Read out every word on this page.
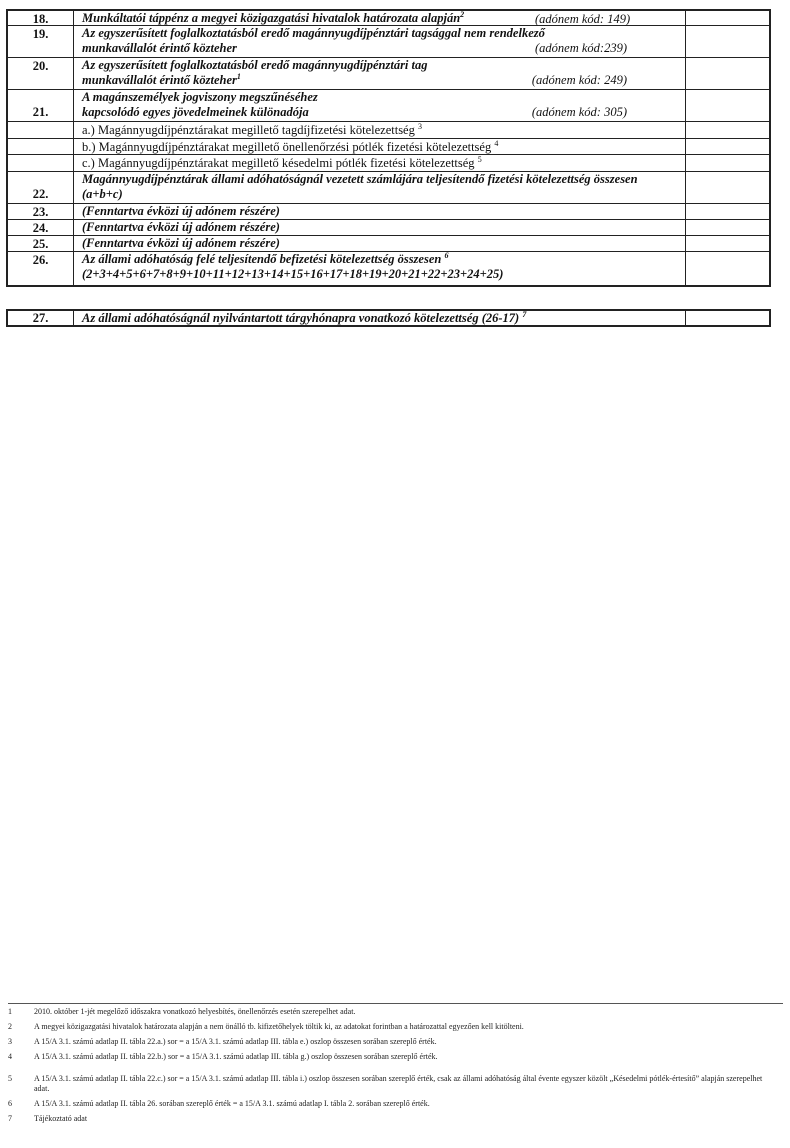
18.	Munkáltatói táppénz a megyei közigazgatási hivatalok határozata alapján$^2$	(adónem kód: 149)
19.	Az egyszerűsített foglalkoztatásból eredő magánnyugdíjpénztári tagsággal nem rendelkező
munkavállalót érintő közteher	(adónem kód:239)
20.	Az egyszerűsített foglalkoztatásból eredő magánnyugdíjpénztári tag
munkavállalót érintő közteher$^1$	(adónem kód: 249)
21.
A magánszemélyek jogviszony megszűnéséhez
kapcsolódó egyes jövedelmeinek különadója	(adónem kód: 305)
a.) Magánnyugdíjpénztárakat megillető tagdíjfizetési kötelezettség $^3$
b.) Magánnyugdíjpénztárakat megillető önellenőrzési pótlék fizetési kötelezettség $^4$
c.) Magánnyugdíjpénztárakat megillető késedelmi pótlék fizetési kötelezettség $^5$
22.
Magánnyugdíjpénztárak állami adóhatóságnál vezetett számlájára teljesítendő fizetési kötelezettség összesen
(a+b+c)
23.	(Fenntartva évközi új adónem részére)
24.	(Fenntartva évközi új adónem részére)
25.	(Fenntartva évközi új adónem részére)
26.	Az állami adóhatóság felé teljesítendő befizetési kötelezettség összesen $^6$
(2+3+4+5+6+7+8+9+10+11+12+13+14+15+16+17+18+19+20+21+22+23+24+25)
27.	Az állami adóhatóságnál nyilvántartott tárgyhónapra vonatkozó kötelezettség (26-17) $^7$
1	2010. október 1-jét megelőző időszakra vonatkozó helyesbítés, önellenőrzés esetén szerepelhet adat.
2	A megyei közigazgatási hivatalok határozata alapján a nem önálló tb. kifizetőhelyek töltik ki, az adatokat forintban a határozattal egyezően kell kitölteni.
3	A 15/A 3.1. számú adatlap II. tábla 22.a.) sor = a 15/A 3.1. számú adatlap III. tábla e.) oszlop összesen sorában szereplő érték.
4	A 15/A 3.1. számú adatlap II. tábla 22.b.) sor = a 15/A 3.1. számú adatlap III. tábla g.) oszlop összesen sorában szereplő érték.
5	A 15/A 3.1. számú adatlap II. tábla 22.c.) sor = a 15/A 3.1. számú adatlap III. tábla i.) oszlop összesen sorában szereplő érték, csak az állami adóhatóság által évente egyszer közölt „Késedelmi pótlék-értesítő” alapján szerepelhet adat.
6	A 15/A 3.1. számú adatlap II. tábla 26. sorában szereplő érték = a 15/A 3.1. számú adatlap I. tábla 2. sorában szereplő érték.
7	Tájékoztató adat
